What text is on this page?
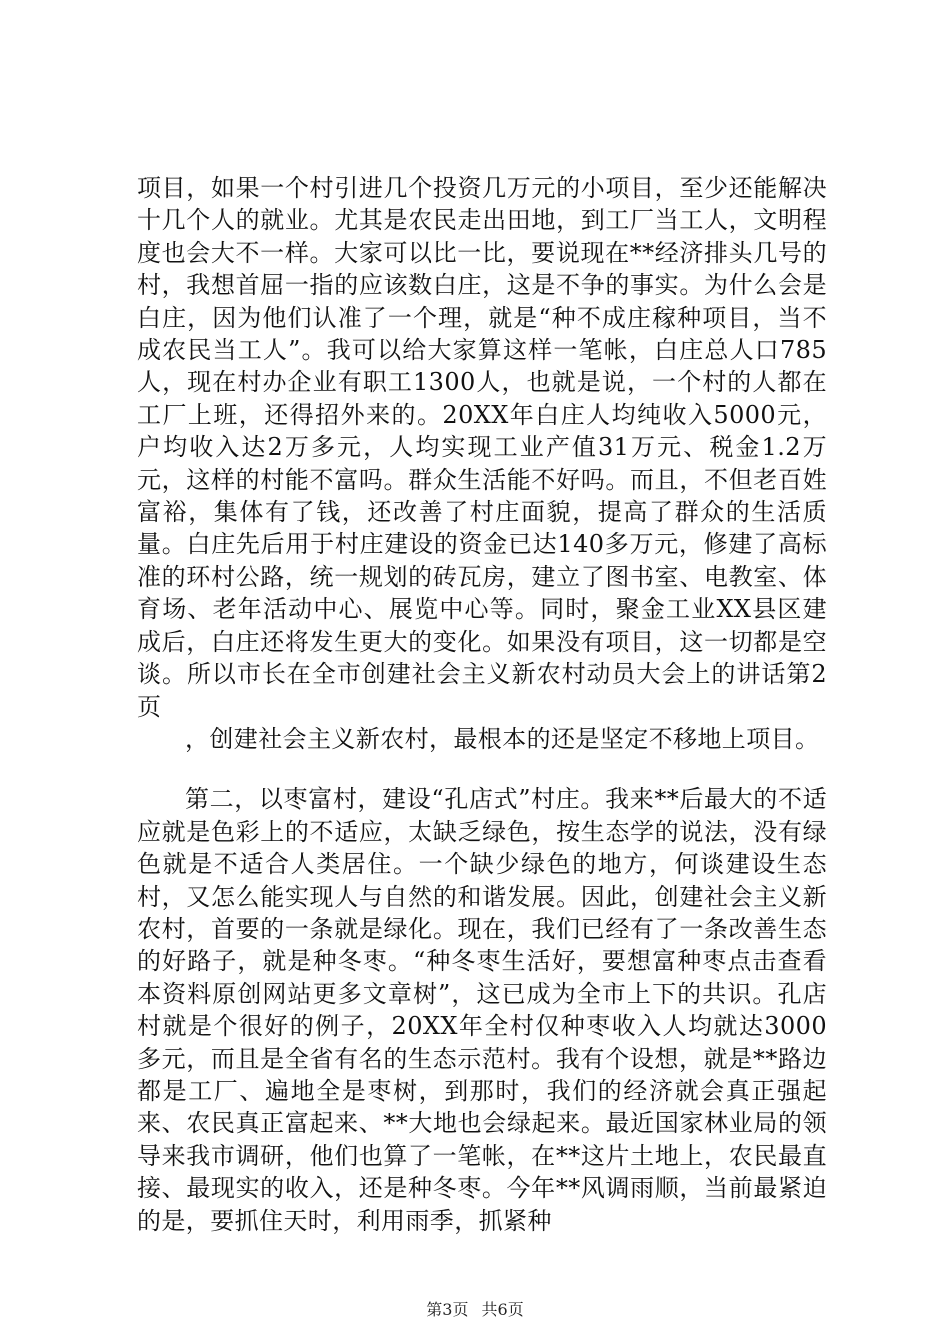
项目，如果一个村引进几个投资几万元的小项目，至少还能解决十几个人的就业。尤其是农民走出田地，到工厂当工人，文明程度也会大不一样。大家可以比一比，要说现在**经济排头几号的村，我想首屈一指的应该数白庄，这是不争的事实。为什么会是白庄，因为他们认准了一个理，就是“种不成庄稼种项目，当不成农民当工人”。我可以给大家算这样一笔帐，白庄总人口785人，现在村办企业有职工1300人，也就是说，一个村的人都在工厂上班，还得招外来的。20XX年白庄人均纯收入5000元，户均收入达2万多元，人均实现工业产值31万元、税金1.2万元，这样的村能不富吗。群众生活能不好吗。而且，不但老百姓富裕，集体有了钱，还改善了村庄面貌，提高了群众的生活质量。白庄先后用于村庄建设的资金已达140多万元，修建了高标准的环村公路，统一规划的砖瓦房，建立了图书室、电教室、体育场、老年活动中心、展览中心等。同时，聚金工业XX县区建成后，白庄还将发生更大的变化。如果没有项目，这一切都是空谈。所以市长在全市创建社会主义新农村动员大会上的讲话第2页

，创建社会主义新农村，最根本的还是坚定不移地上项目。

第二，以枣富村，建设“孔店式”村庄。我来**后最大的不适应就是色彩上的不适应，太缺乏绿色，按生态学的说法，没有绿色就是不适合人类居住。一个缺少绿色的地方，何谈建设生态村，又怎么能实现人与自然的和谐发展。因此，创建社会主义新农村，首要的一条就是绿化。现在，我们已经有了一条改善生态的好路子，就是种冬枣。“种冬枣生活好，要想富种枣点击查看本资料原创网站更多文章树”，这已成为全市上下的共识。孔店村就是个很好的例子，20XX年全村仅种枣收入人均就达3000多元，而且是全省有名的生态示范村。我有个设想，就是**路边都是工厂、遍地全是枣树，到那时，我们的经济就会真正强起来、农民真正富起来、**大地也会绿起来。最近国家林业局的领导来我市调研，他们也算了一笔帐，在**这片土地上，农民最直接、最现实的收入，还是种冬枣。今年**风调雨顺，当前最紧迫的是，要抓住天时，利用雨季，抓紧种

第3页 共6页
